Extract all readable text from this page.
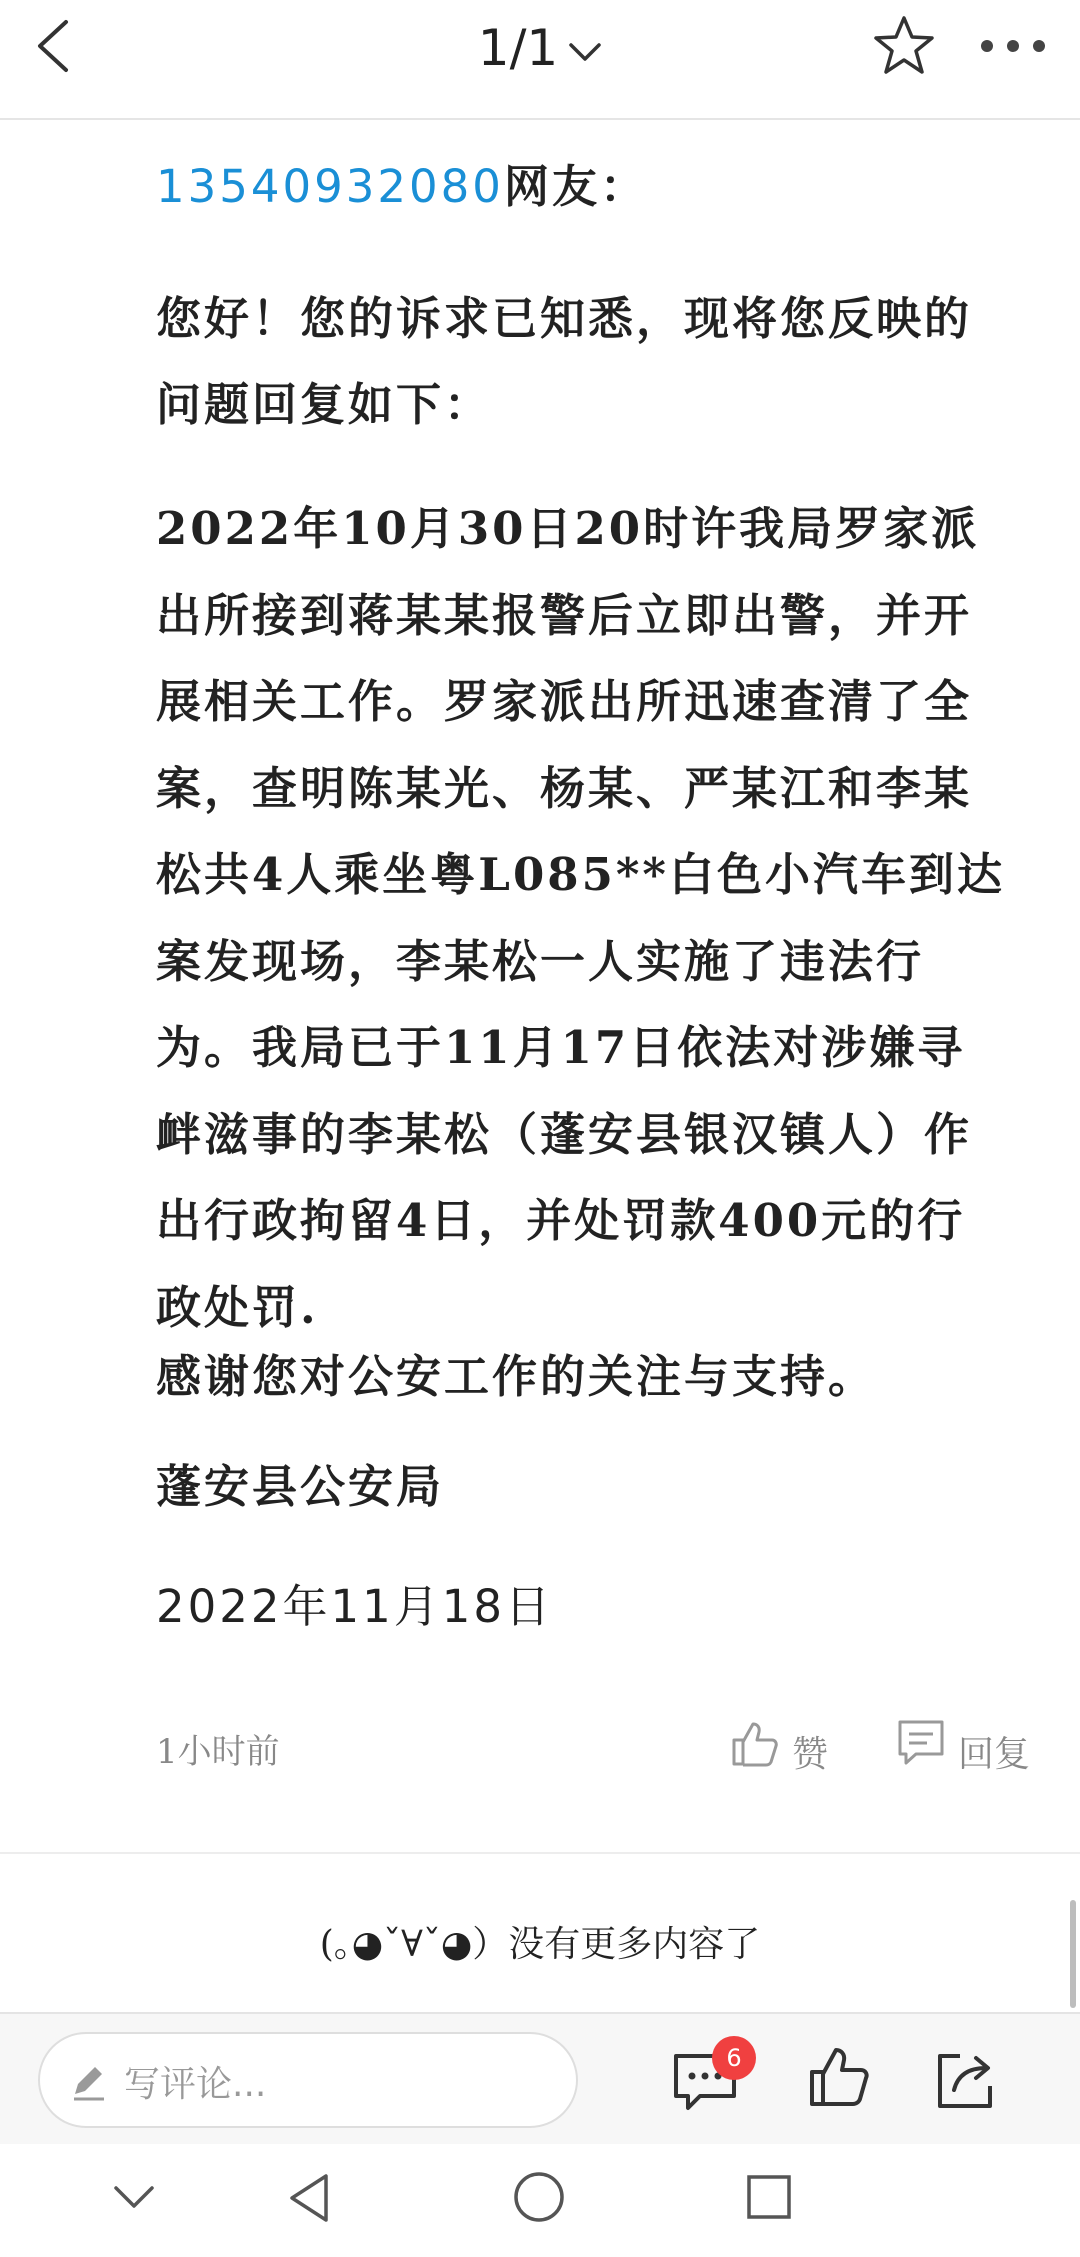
1/1

13540932080网友：

您好！您的诉求已知悉，现将您反映的问题回复如下：

2022年10月30日20时许我局罗家派出所接到蒋某某报警后立即出警，并开展相关工作。罗家派出所迅速查清了全案，查明陈某光、杨某、严某江和李某松共4人乘坐粤L085**白色小汽车到达案发现场，李某松一人实施了违法行为。我局已于11月17日依法对涉嫌寻衅滋事的李某松（蓬安县银汉镇人）作出行政拘留4日，并处罚款400元的行政处罚.

感谢您对公安工作的关注与支持。

蓬安县公安局

2022年11月18日

1小时前	赞	回复
(｡◕ˇ∀ˇ◕）没有更多内容了
写评论...
6
